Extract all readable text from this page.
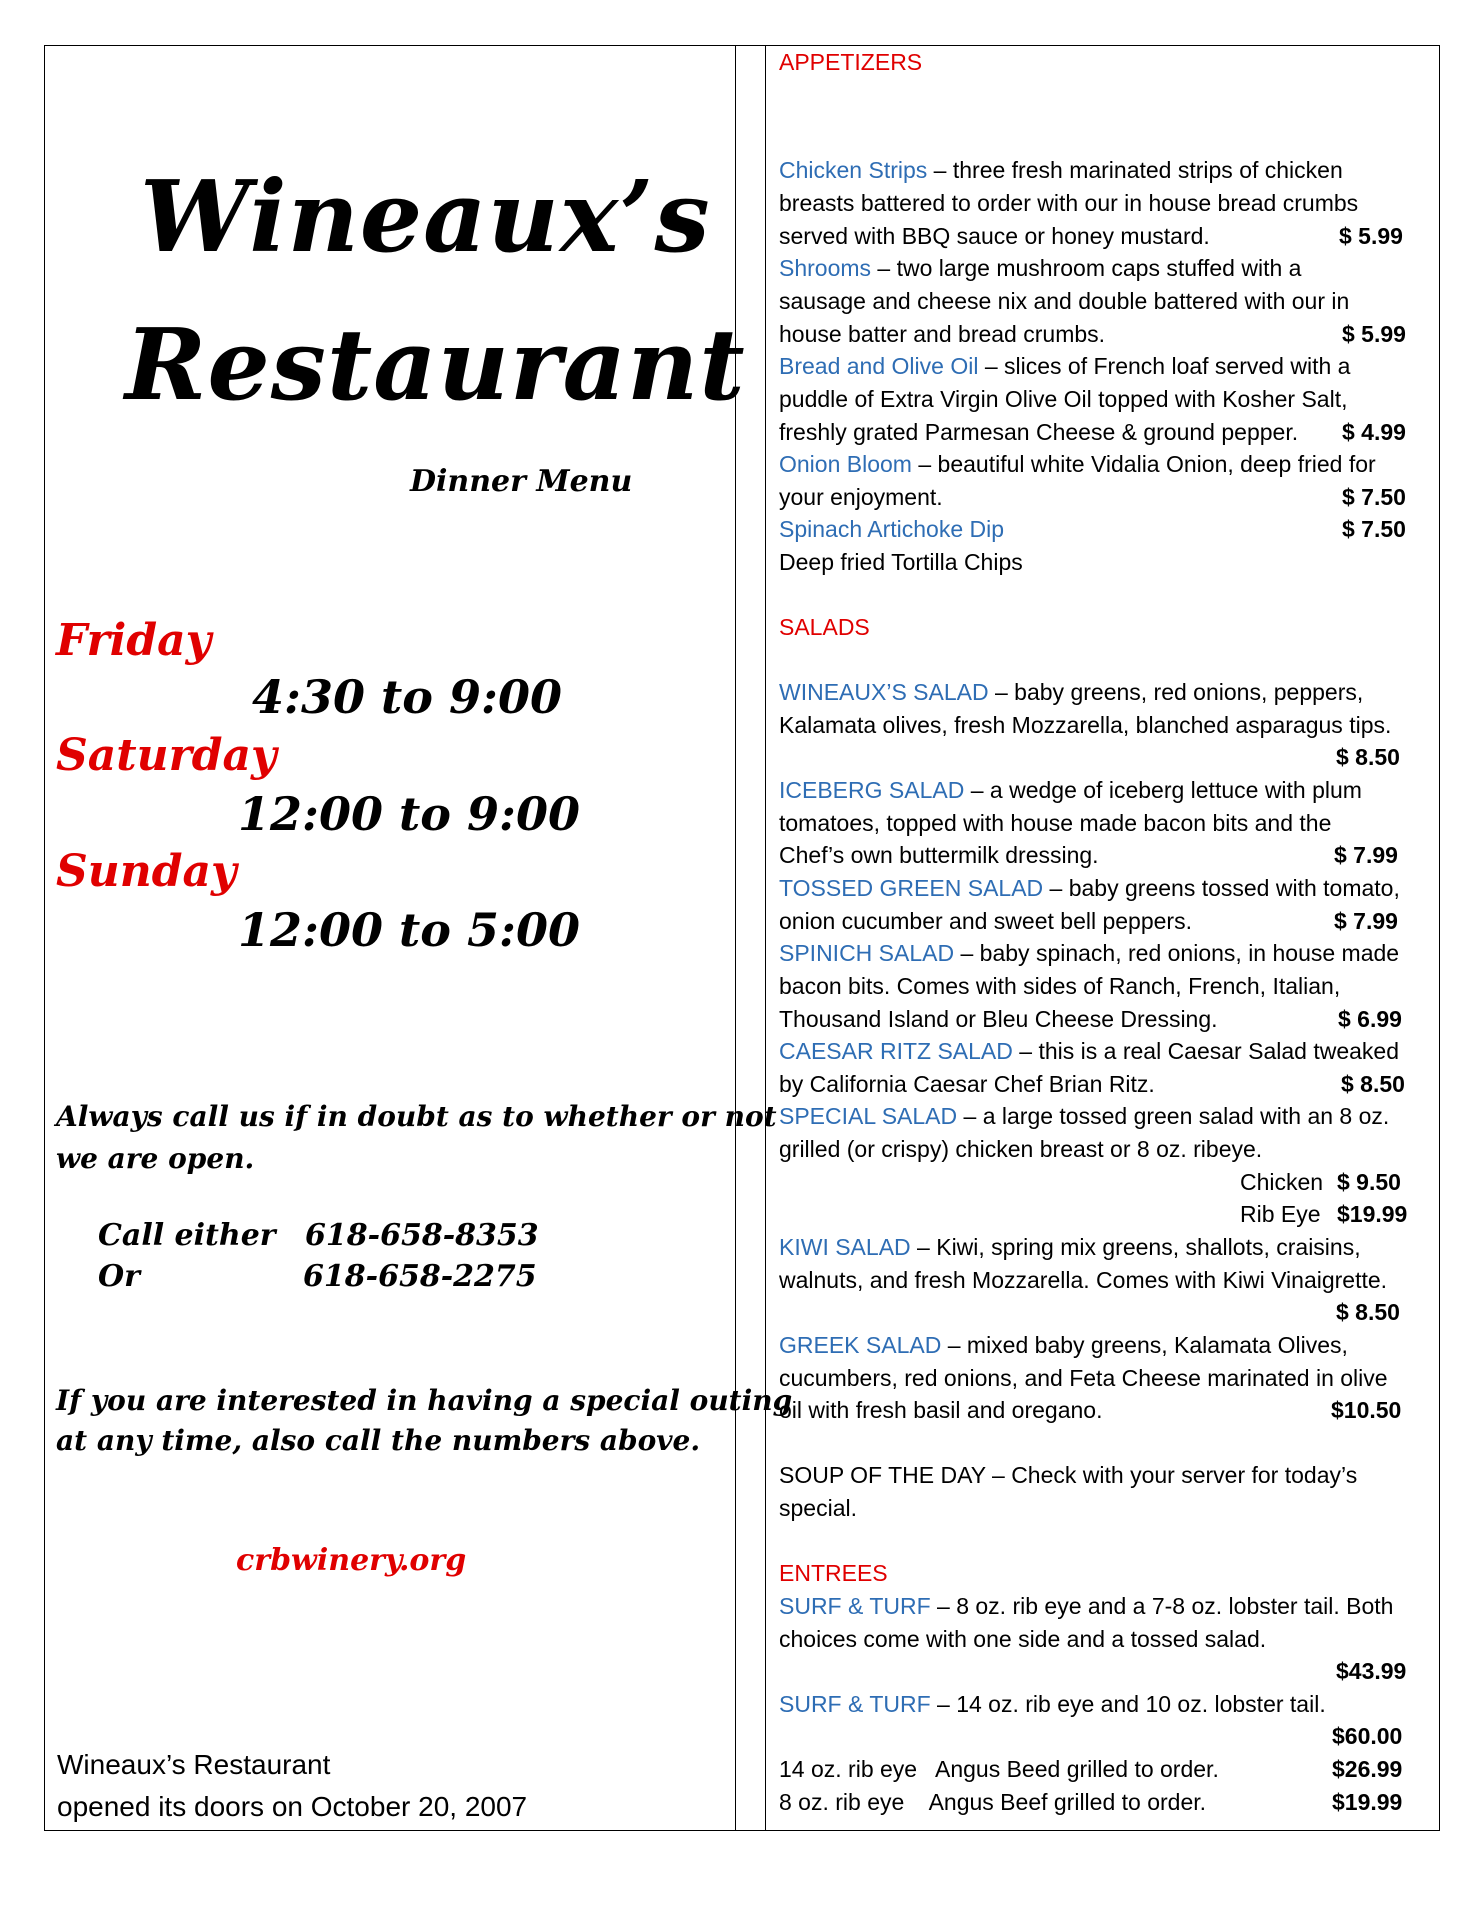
Wineaux’s
Restaurant
Dinner Menu
Friday
4:30 to 9:00
Saturday
12:00 to 9:00
Sunday
12:00 to 5:00
Always call us if in doubt as to whether or not
we are open.
Call either 618-658-8353
Or	618-658-2275
If you are interested in having a special outing
at any time, also call the numbers above.
crbwinery.org
Wineaux’s Restaurant
opened its doors on October 20, 2007
APPETIZERS
Chicken Strips – three fresh marinated strips of chicken
breasts battered to order with our in house bread crumbs
served with BBQ sauce or honey mustard.	$ 5.99
Shrooms – two large mushroom caps stuffed with a
sausage and cheese nix and double battered with our in
house batter and bread crumbs.	$ 5.99
Bread and Olive Oil – slices of French loaf served with a
puddle of Extra Virgin Olive Oil topped with Kosher Salt,
freshly grated Parmesan Cheese & ground pepper. $ 4.99
Onion Bloom – beautiful white Vidalia Onion, deep fried for
your enjoyment.	$ 7.50
Spinach Artichoke Dip	$ 7.50
Deep fried Tortilla Chips
SALADS
WINEAUX’S SALAD – baby greens, red onions, peppers,
Kalamata olives, fresh Mozzarella, blanched asparagus tips.
$ 8.50
ICEBERG SALAD – a wedge of iceberg lettuce with plum
tomatoes, topped with house made bacon bits and the
Chef’s own buttermilk dressing.	$ 7.99
TOSSED GREEN SALAD – baby greens tossed with tomato,
onion cucumber and sweet bell peppers.	$ 7.99
SPINICH SALAD – baby spinach, red onions, in house made
bacon bits. Comes with sides of Ranch, French, Italian,
Thousand Island or Bleu Cheese Dressing.	$ 6.99
CAESAR RITZ SALAD – this is a real Caesar Salad tweaked
by California Caesar Chef Brian Ritz.	$ 8.50
SPECIAL SALAD – a large tossed green salad with an 8 oz.
grilled (or crispy) chicken breast or 8 oz. ribeye.
Chicken $ 9.50
Rib Eye $19.99
KIWI SALAD – Kiwi, spring mix greens, shallots, craisins,
walnuts, and fresh Mozzarella. Comes with Kiwi Vinaigrette.
$ 8.50
GREEK SALAD – mixed baby greens, Kalamata Olives,
cucumbers, red onions, and Feta Cheese marinated in olive
oil with fresh basil and oregano.	$10.50
SOUP OF THE DAY – Check with your server for today’s
special.
ENTREES
SURF & TURF – 8 oz. rib eye and a 7-8 oz. lobster tail. Both
choices come with one side and a tossed salad.
$43.99
SURF & TURF – 14 oz. rib eye and 10 oz. lobster tail.
$60.00
14 oz. rib eye   Angus Beed grilled to order.	$26.99
8 oz. rib eye    Angus Beef grilled to order.	$19.99
